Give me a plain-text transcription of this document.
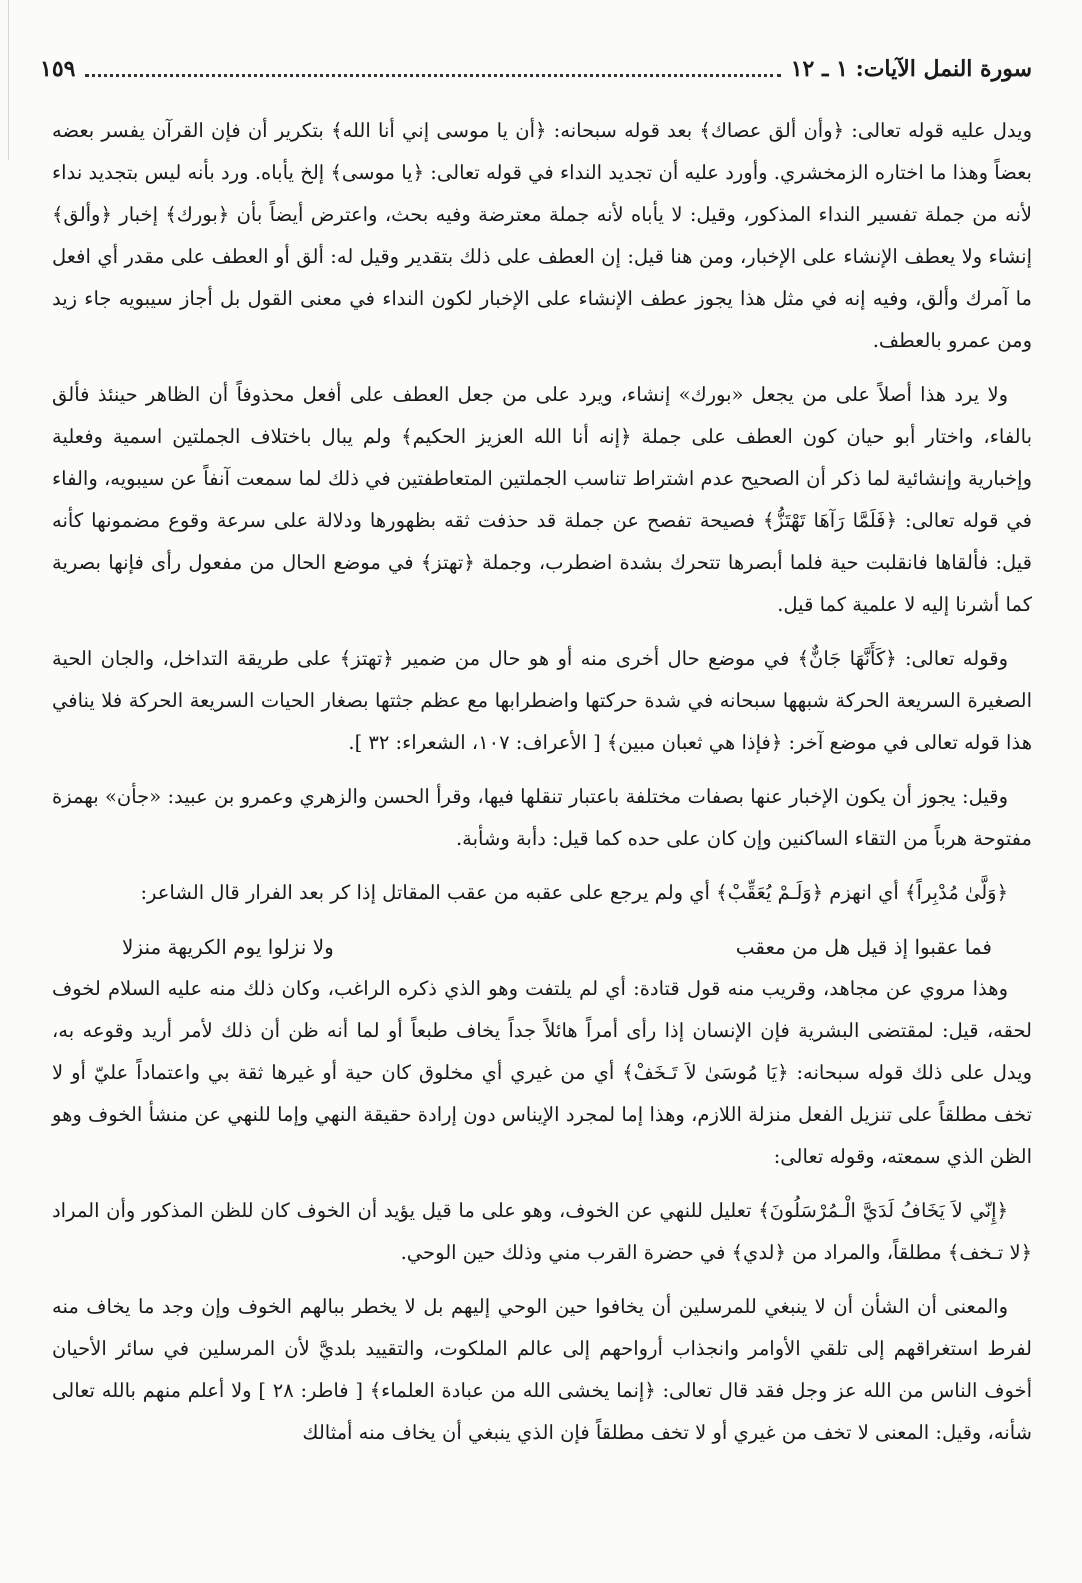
سورة النمل الآيات: ١ ـ ١٢
١٥٩

ويدل عليه قوله تعالى: ﴿وأن ألق عصاك﴾ بعد قوله سبحانه: ﴿أن يا موسى إني أنا الله﴾ بتكرير أن فإن القرآن يفسر بعضه بعضاً وهذا ما اختاره الزمخشري. وأورد عليه أن تجديد النداء في قوله تعالى: ﴿يا موسى﴾ إلخ يأباه. ورد بأنه ليس بتجديد نداء لأنه من جملة تفسير النداء المذكور، وقيل: لا يأباه لأنه جملة معترضة وفيه بحث، واعترض أيضاً بأن ﴿بورك﴾ إخبار ﴿وألق﴾ إنشاء ولا يعطف الإنشاء على الإخبار، ومن هنا قيل: إن العطف على ذلك بتقدير وقيل له: ألق أو العطف على مقدر أي افعل ما آمرك وألق، وفيه إنه في مثل هذا يجوز عطف الإنشاء على الإخبار لكون النداء في معنى القول بل أجاز سيبويه جاء زيد ومن عمرو بالعطف.

ولا يرد هذا أصلاً على من يجعل «بورك» إنشاء، ويرد على من جعل العطف على أفعل محذوفاً أن الظاهر حينئذ فألق بالفاء، واختار أبو حيان كون العطف على جملة ﴿إنه أنا الله العزيز الحكيم﴾ ولم يبال باختلاف الجملتين اسمية وفعلية وإخبارية وإنشائية لما ذكر أن الصحيح عدم اشتراط تناسب الجملتين المتعاطفتين في ذلك لما سمعت آنفاً عن سيبويه، والفاء في قوله تعالى: ﴿فَلَمَّا رَآهَا تَهْتَزُّ﴾ فصيحة تفصح عن جملة قد حذفت ثقه بظهورها ودلالة على سرعة وقوع مضمونها كأنه قيل: فألقاها فانقلبت حية فلما أبصرها تتحرك بشدة اضطرب، وجملة ﴿تهتز﴾ في موضع الحال من مفعول رأى فإنها بصرية كما أشرنا إليه لا علمية كما قيل.

وقوله تعالى: ﴿كَأَنَّهَا جَانٌّ﴾ في موضع حال أخرى منه أو هو حال من ضمير ﴿تهتز﴾ على طريقة التداخل، والجان الحية الصغيرة السريعة الحركة شبهها سبحانه في شدة حركتها واضطرابها مع عظم جثتها بصغار الحيات السريعة الحركة فلا ينافي هذا قوله تعالى في موضع آخر: ﴿فإذا هي ثعبان مبين﴾ [ الأعراف: ١٠٧، الشعراء: ٣٢ ].

وقيل: يجوز أن يكون الإخبار عنها بصفات مختلفة باعتبار تنقلها فيها، وقرأ الحسن والزهري وعمرو بن عبيد: «جأن» بهمزة مفتوحة هرباً من التقاء الساكنين وإن كان على حده كما قيل: دأبة وشأبة.

﴿وَلَّىٰ مُدْبِراً﴾ أي انهزم ﴿وَلَـمْ يُعَقِّبْ﴾ أي ولم يرجع على عقبه من عقب المقاتل إذا كر بعد الفرار قال الشاعر:

فما عقبوا إذ قيل هل من معقب
ولا نزلوا يوم الكريهة منزلا

وهذا مروي عن مجاهد، وقريب منه قول قتادة: أي لم يلتفت وهو الذي ذكره الراغب، وكان ذلك منه عليه السلام لخوف لحقه، قيل: لمقتضى البشرية فإن الإنسان إذا رأى أمراً هائلاً جداً يخاف طبعاً أو لما أنه ظن أن ذلك لأمر أريد وقوعه به، ويدل على ذلك قوله سبحانه: ﴿يَا مُوسَىٰ لاَ تَـخَفْ﴾ أي من غيري أي مخلوق كان حية أو غيرها ثقة بي واعتماداً عليّ أو لا تخف مطلقاً على تنزيل الفعل منزلة اللازم، وهذا إما لمجرد الإيناس دون إرادة حقيقة النهي وإما للنهي عن منشأ الخوف وهو الظن الذي سمعته، وقوله تعالى:

﴿إِنّي لاَ يَخَافُ لَدَيَّ الْـمُرْسَلُونَ﴾ تعليل للنهي عن الخوف، وهو على ما قيل يؤيد أن الخوف كان للظن المذكور وأن المراد ﴿لا تـخف﴾ مطلقاً، والمراد من ﴿لدي﴾ في حضرة القرب مني وذلك حين الوحي.

والمعنى أن الشأن أن لا ينبغي للمرسلين أن يخافوا حين الوحي إليهم بل لا يخطر ببالهم الخوف وإن وجد ما يخاف منه لفرط استغراقهم إلى تلقي الأوامر وانجذاب أرواحهم إلى عالم الملكوت، والتقييد بلديَّ لأن المرسلين في سائر الأحيان أخوف الناس من الله عز وجل فقد قال تعالى: ﴿إنما يخشى الله من عبادة العلماء﴾ [ فاطر: ٢٨ ] ولا أعلم منهم بالله تعالى شأنه، وقيل: المعنى لا تخف من غيري أو لا تخف مطلقاً فإن الذي ينبغي أن يخاف منه أمثالك
